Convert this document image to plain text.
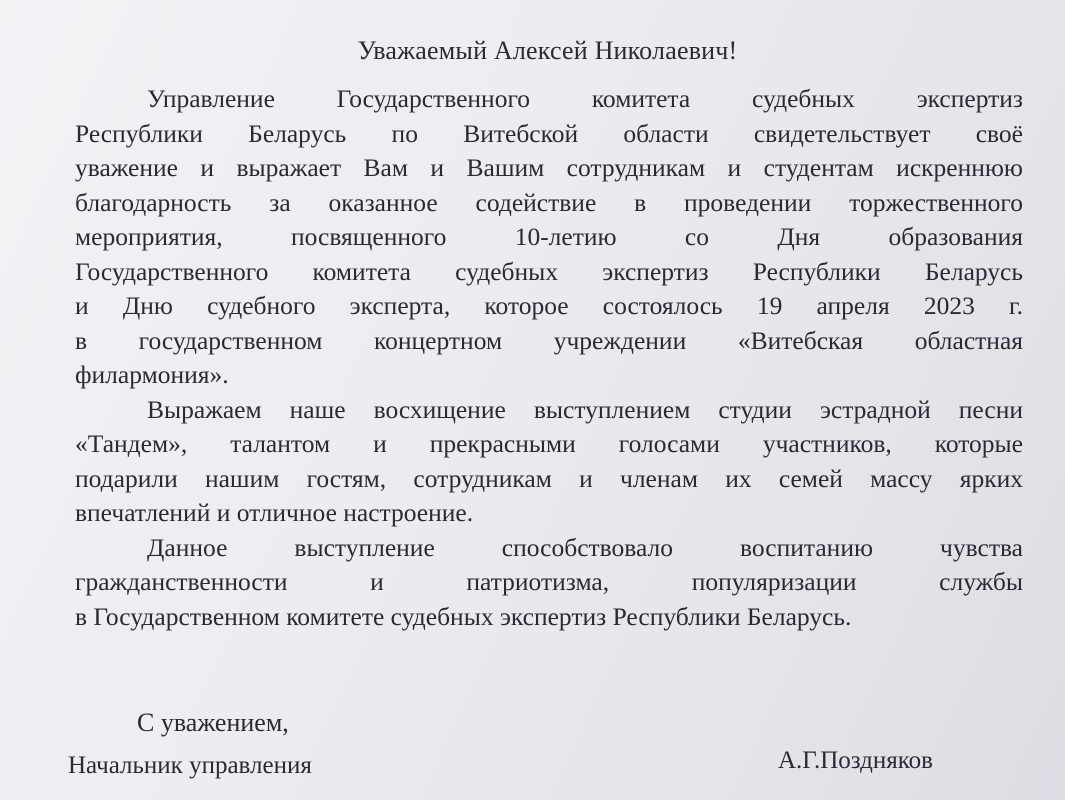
Уважаемый Алексей Николаевич!
Управление Государственного комитета судебных экспертиз
Республики Беларусь по Витебской области свидетельствует своё
уважение и выражает Вам и Вашим сотрудникам и студентам искреннюю
благодарность за оказанное содействие в проведении торжественного
мероприятия, посвященного 10-летию со Дня образования
Государственного комитета судебных экспертиз Республики Беларусь
и Дню судебного эксперта, которое состоялось 19 апреля 2023 г.
в государственном концертном учреждении «Витебская областная
филармония».
Выражаем наше восхищение выступлением студии эстрадной песни
«Тандем», талантом и прекрасными голосами участников, которые
подарили нашим гостям, сотрудникам и членам их семей массу ярких
впечатлений и отличное настроение.
Данное выступление способствовало воспитанию чувства
гражданственности и патриотизма, популяризации службы
в Государственном комитете судебных экспертиз Республики Беларусь.
С уважением,
Начальник управления	А.Г.Поздняков
